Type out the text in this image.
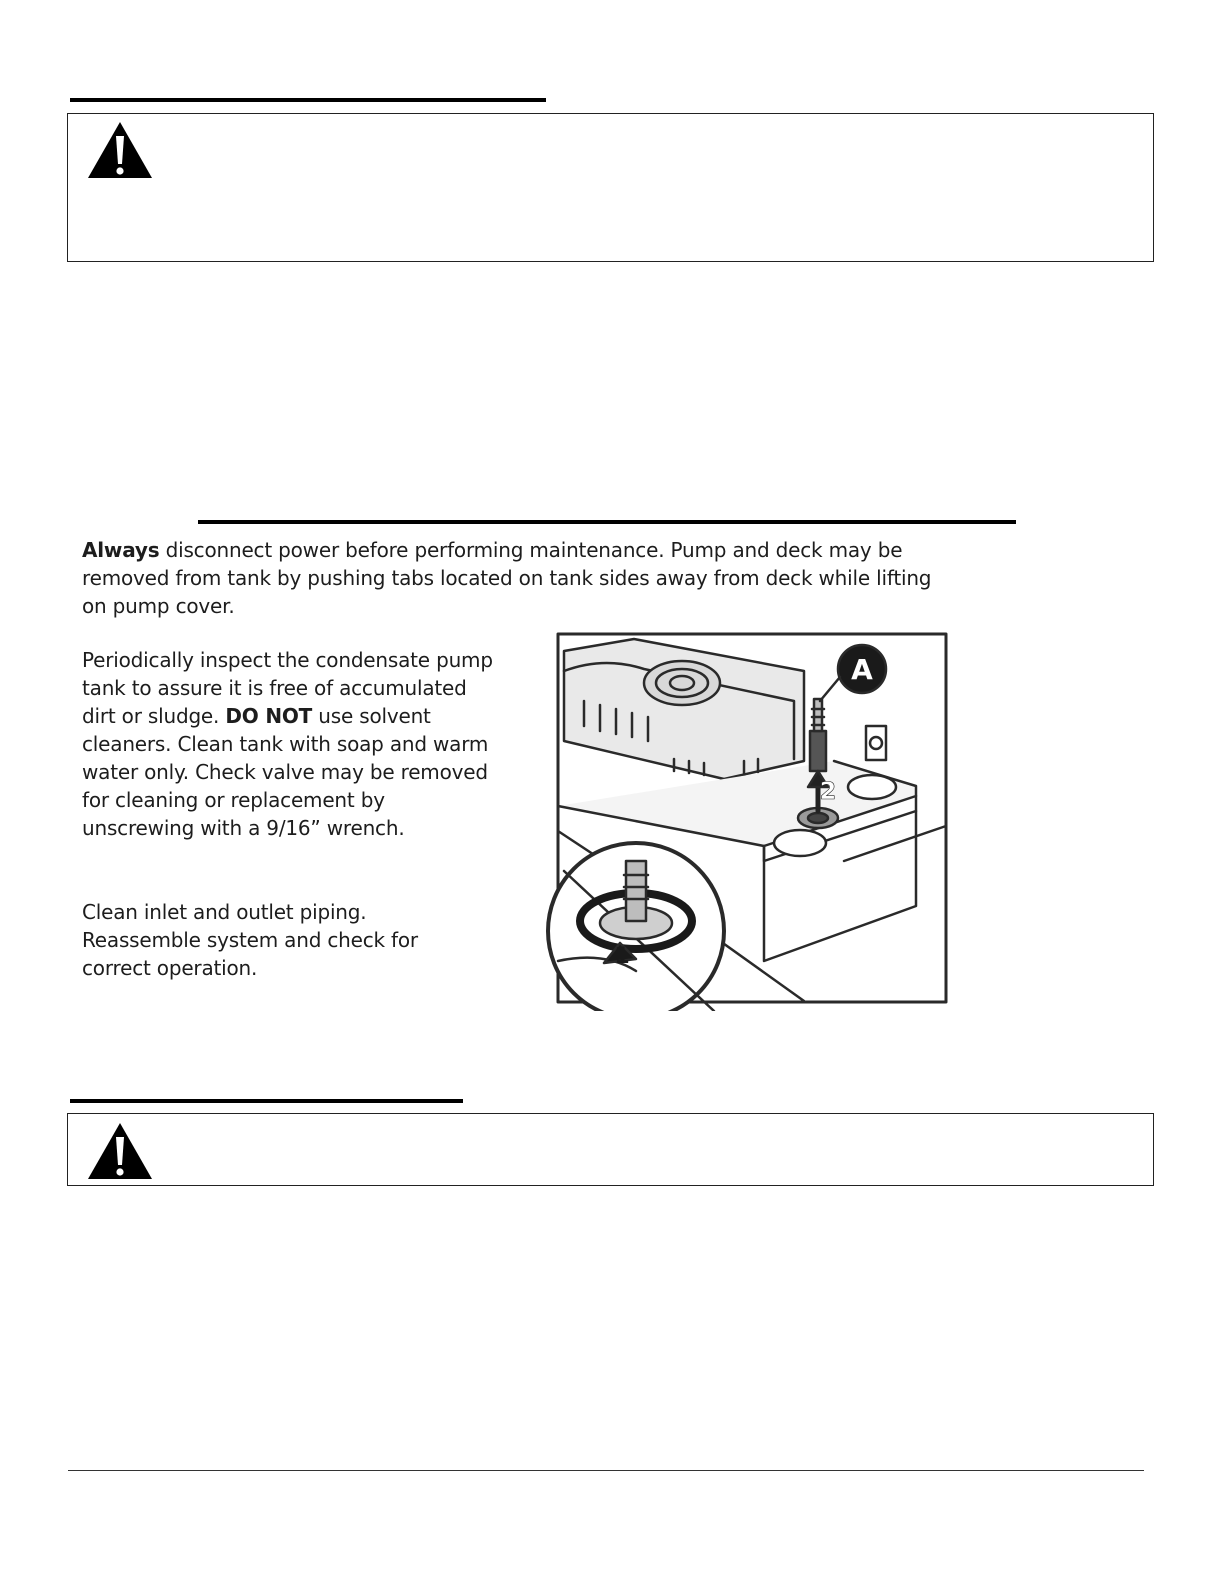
Always disconnect power before performing maintenance. Pump and deck may be removed from tank by pushing tabs located on tank sides away from deck while lifting on pump cover.

Periodically inspect the condensate pump tank to assure it is free of accumulated dirt or sludge. DO NOT use solvent cleaners. Clean tank with soap and warm water only. Check valve may be removed for cleaning or replacement by unscrewing with a 9/16” wrench.

Clean inlet and outlet piping. Reassemble system and check for correct operation.

A
2
1
